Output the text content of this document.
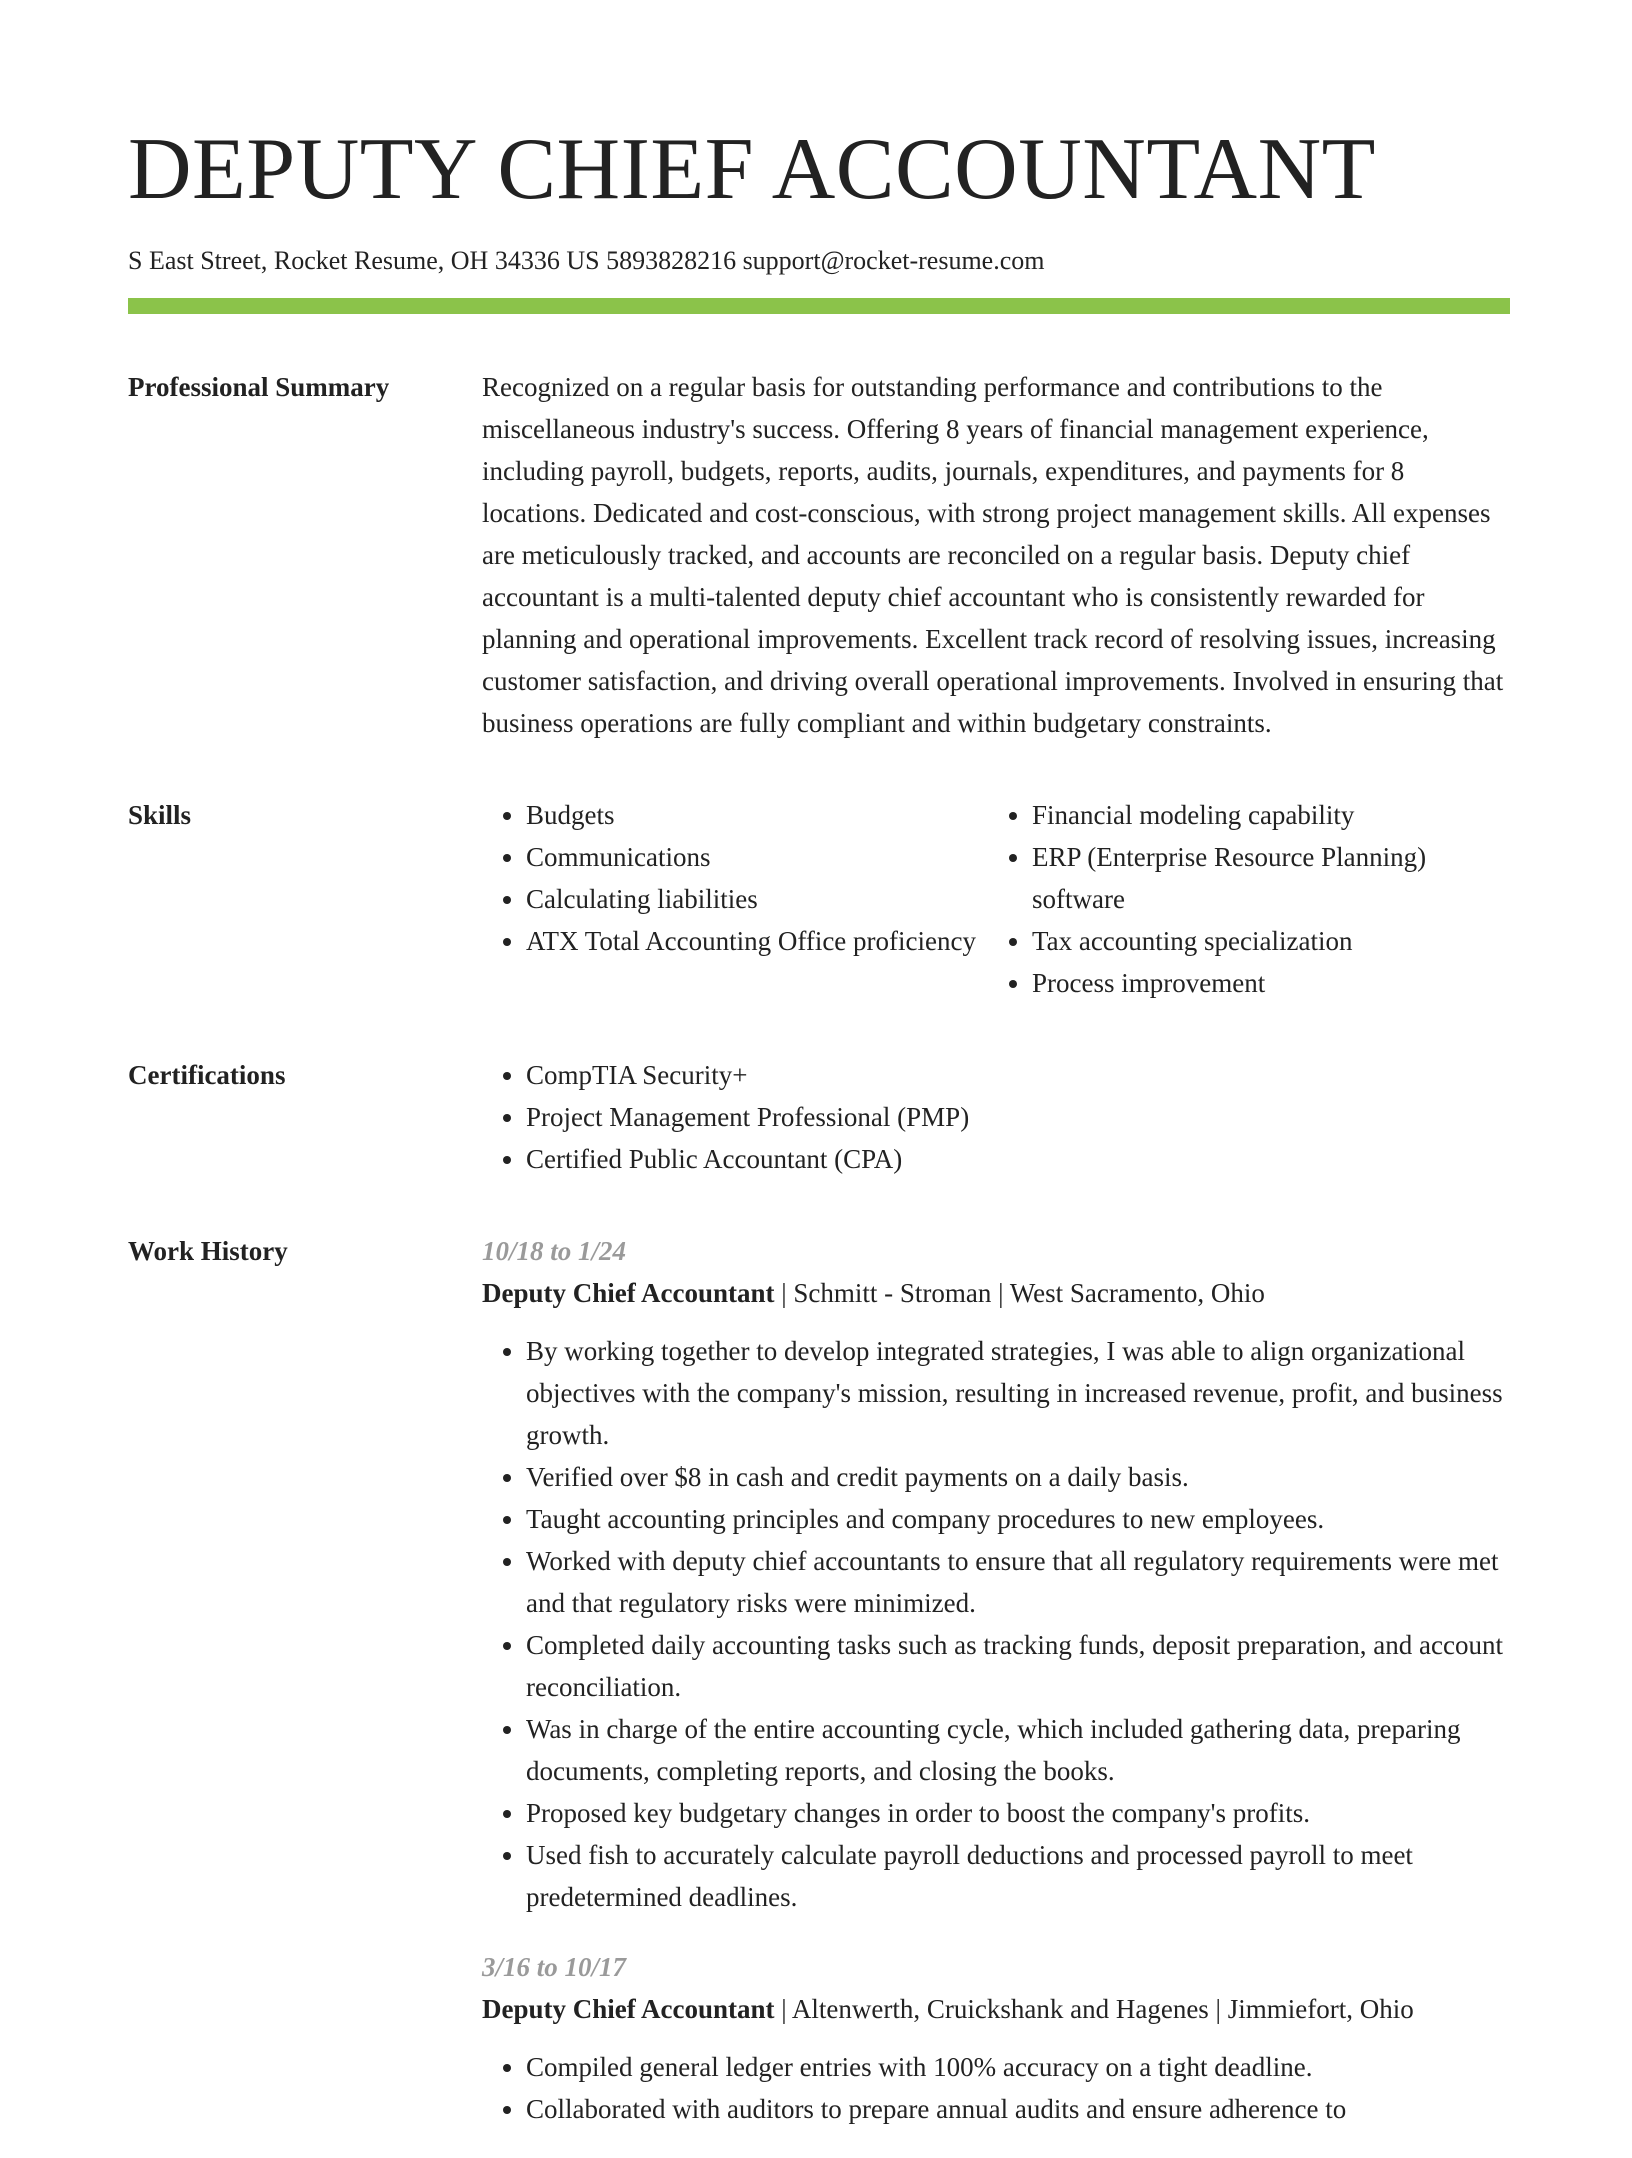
DEPUTY CHIEF ACCOUNTANT
S East Street, Rocket Resume, OH 34336 US 5893828216 support@rocket-resume.com
Professional Summary	Recognized on a regular basis for outstanding performance and contributions to the miscellaneous industry's success. Offering 8 years of financial management experience, including payroll, budgets, reports, audits, journals, expenditures, and payments for 8 locations. Dedicated and cost-conscious, with strong project management skills. All expenses are meticulously tracked, and accounts are reconciled on a regular basis. Deputy chief accountant is a multi-talented deputy chief accountant who is consistently rewarded for planning and operational improvements. Excellent track record of resolving issues, increasing customer satisfaction, and driving overall operational improvements. Involved in ensuring that business operations are fully compliant and within budgetary constraints.

Skills	• Budgets
• Communications
• Calculating liabilities
• ATX Total Accounting Office proficiency
• Financial modeling capability
• ERP (Enterprise Resource Planning) software
• Tax accounting specialization
• Process improvement
Certifications	• CompTIA Security+
• Project Management Professional (PMP)
• Certified Public Accountant (CPA)
Work History	10/18 to 1/24
Deputy Chief Accountant | Schmitt - Stroman | West Sacramento, Ohio
• By working together to develop integrated strategies, I was able to align organizational objectives with the company's mission, resulting in increased revenue, profit, and business growth.
• Verified over $8 in cash and credit payments on a daily basis.
• Taught accounting principles and company procedures to new employees.
• Worked with deputy chief accountants to ensure that all regulatory requirements were met and that regulatory risks were minimized.
• Completed daily accounting tasks such as tracking funds, deposit preparation, and account reconciliation.
• Was in charge of the entire accounting cycle, which included gathering data, preparing documents, completing reports, and closing the books.
• Proposed key budgetary changes in order to boost the company's profits.
• Used fish to accurately calculate payroll deductions and processed payroll to meet predetermined deadlines.
3/16 to 10/17
Deputy Chief Accountant | Altenwerth, Cruickshank and Hagenes | Jimmiefort, Ohio
• Compiled general ledger entries with 100% accuracy on a tight deadline.
• Collaborated with auditors to prepare annual audits and ensure adherence to
